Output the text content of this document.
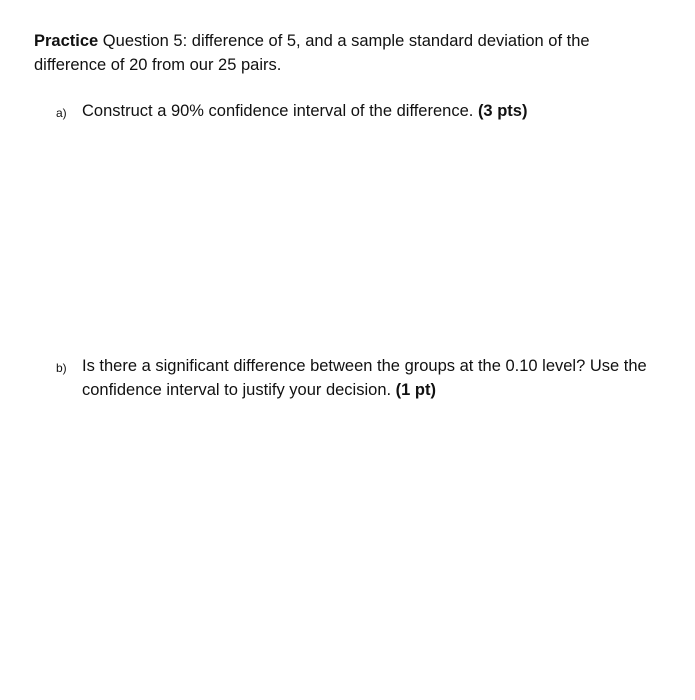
Practice Question 5: difference of 5, and a sample standard deviation of the difference of 20 from our 25 pairs.
a) Construct a 90% confidence interval of the difference. (3 pts)
b) Is there a significant difference between the groups at the 0.10 level? Use the confidence interval to justify your decision. (1 pt)
